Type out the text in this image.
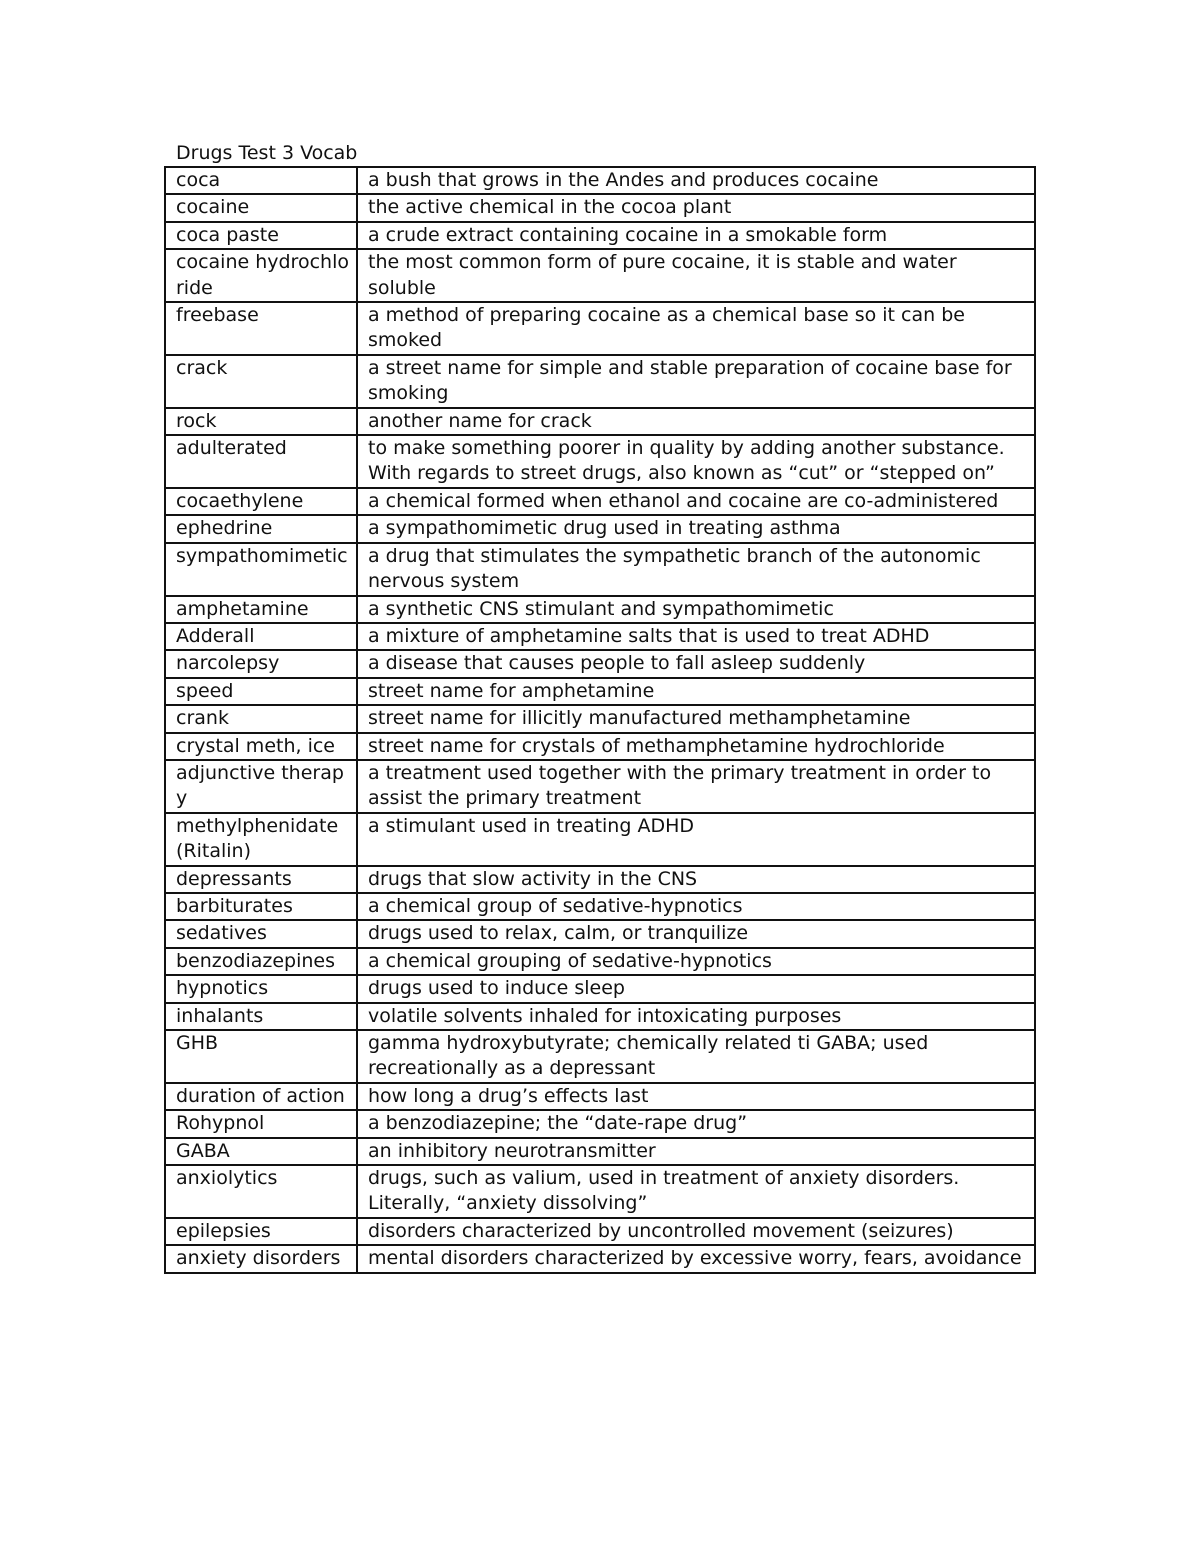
Drugs Test 3 Vocab
coca	a bush that grows in the Andes and produces cocaine
cocaine	the active chemical in the cocoa plant
coca paste	a crude extract containing cocaine in a smokable form
cocaine hydrochloride	the most common form of pure cocaine, it is stable and water soluble
freebase	a method of preparing cocaine as a chemical base so it can be smoked
crack	a street name for simple and stable preparation of cocaine base for smoking
rock	another name for crack
adulterated	to make something poorer in quality by adding another substance. With regards to street drugs, also known as “cut” or “stepped on”
cocaethylene	a chemical formed when ethanol and cocaine are co-administered
ephedrine	a sympathomimetic drug used in treating asthma
sympathomimetic	a drug that stimulates the sympathetic branch of the autonomic nervous system
amphetamine	a synthetic CNS stimulant and sympathomimetic
Adderall	a mixture of amphetamine salts that is used to treat ADHD
narcolepsy	a disease that causes people to fall asleep suddenly
speed	street name for amphetamine
crank	street name for illicitly manufactured methamphetamine
crystal meth, ice	street name for crystals of methamphetamine hydrochloride
adjunctive therapy	a treatment used together with the primary treatment in order to assist the primary treatment
methylphenidate (Ritalin)	a stimulant used in treating ADHD
depressants	drugs that slow activity in the CNS
barbiturates	a chemical group of sedative-hypnotics
sedatives	drugs used to relax, calm, or tranquilize
benzodiazepines	a chemical grouping of sedative-hypnotics
hypnotics	drugs used to induce sleep
inhalants	volatile solvents inhaled for intoxicating purposes
GHB	gamma hydroxybutyrate; chemically related ti GABA; used recreationally as a depressant
duration of action	how long a drug’s effects last
Rohypnol	a benzodiazepine; the “date-rape drug”
GABA	an inhibitory neurotransmitter
anxiolytics	drugs, such as valium, used in treatment of anxiety disorders. Literally, “anxiety dissolving”
epilepsies	disorders characterized by uncontrolled movement (seizures)
anxiety disorders	mental disorders characterized by excessive worry, fears, avoidance
